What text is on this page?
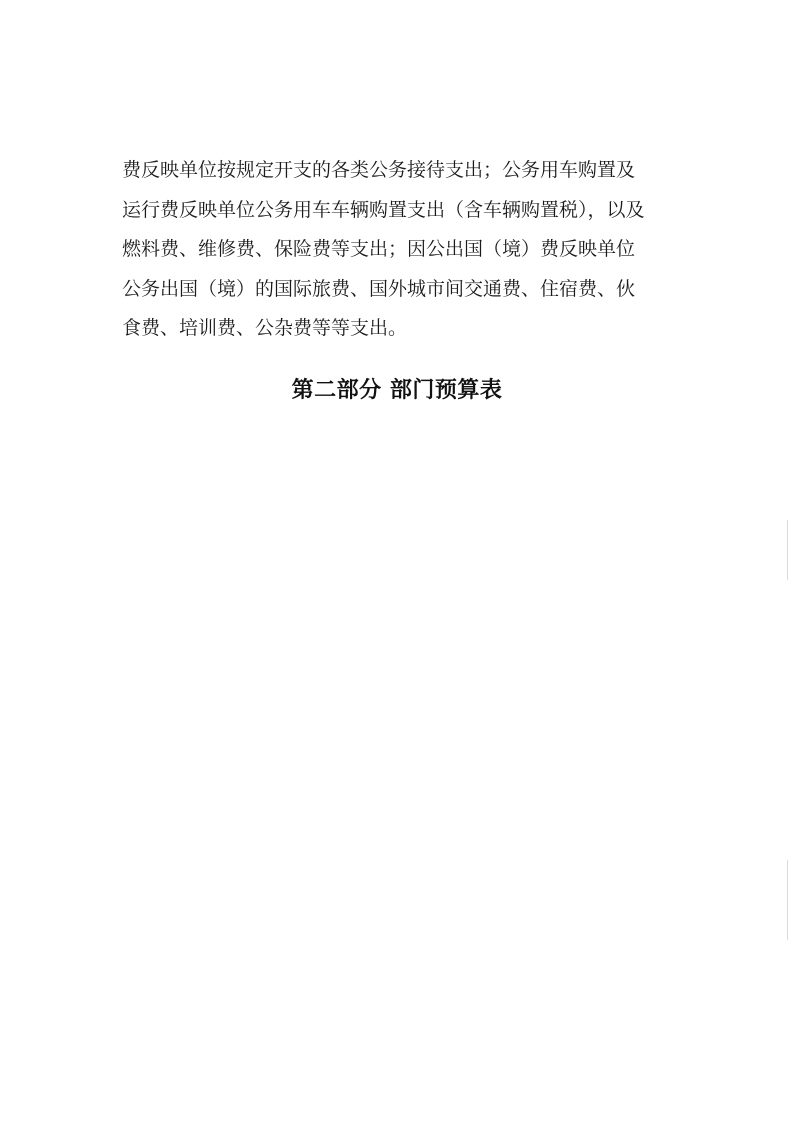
费反映单位按规定开支的各类公务接待支出；公务用车购置及
运行费反映单位公务用车车辆购置支出（含车辆购置税），以及
燃料费、维修费、保险费等支出；因公出国（境）费反映单位
公务出国（境）的国际旅费、国外城市间交通费、住宿费、伙
食费、培训费、公杂费等等支出。
第二部分 部门预算表
